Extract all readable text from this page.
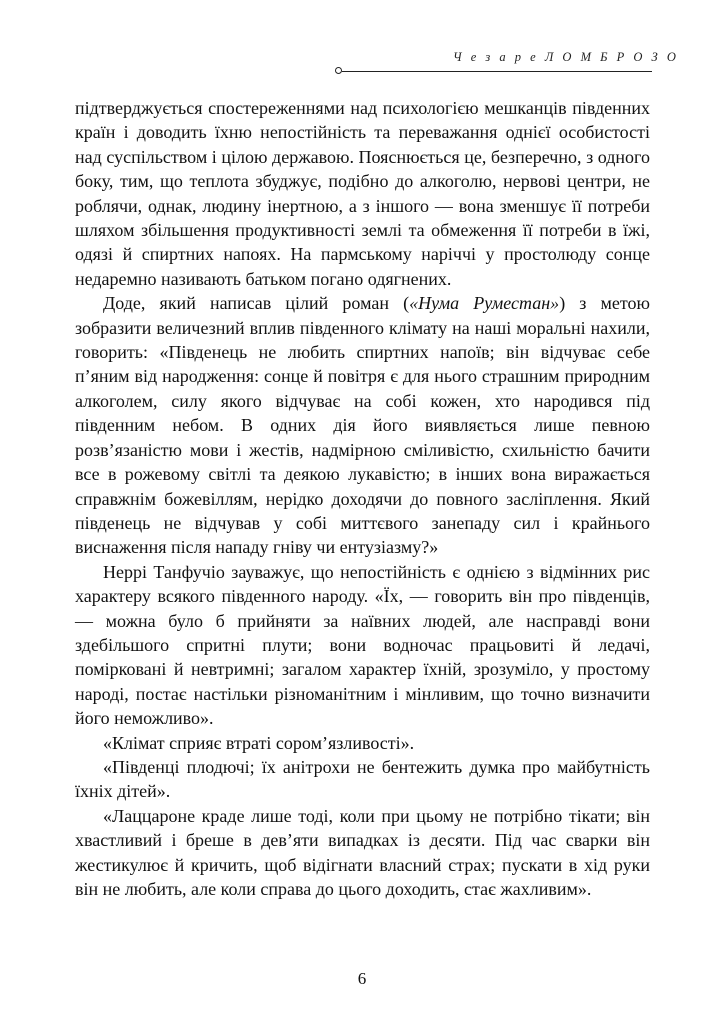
Ч е з а р е Л О М Б Р О З О

підтверджується спостереженнями над психологією мешканців південних країн і доводить їхню непостійність та переважання однієї особистості над суспільством і цілою державою. Пояснюється це, безперечно, з одного боку, тим, що теплота збуджує, подібно до алкоголю, нервові центри, не роблячи, однак, людину інертною, а з іншого — вона зменшує її потреби шляхом збільшення продуктивності землі та обмеження її потреби в їжі, одязі й спиртних напоях. На пармському наріччі у простолюду сонце недаремно називають батьком погано одягнених.

Доде, який написав цілий роман («Нума Руместан») з метою зобразити величезний вплив південного клімату на наші моральні нахили, говорить: «Південець не любить спиртних напоїв; він відчуває себе п’яним від народження: сонце й повітря є для нього страшним природним алкоголем, силу якого відчуває на собі кожен, хто народився під південним небом. В одних дія його виявляється лише певною розв’язаністю мови і жестів, надмірною сміливістю, схильністю бачити все в рожевому світлі та деякою лукавістю; в інших вона виражається справжнім божевіллям, нерідко доходячи до повного засліплення. Який південець не відчував у собі миттєвого занепаду сил і крайнього виснаження після нападу гніву чи ентузіазму?»

Неррі Танфучіо зауважує, що непостійність є однією з відмінних рис характеру всякого південного народу. «Їх, — говорить він про південців, — можна було б прийняти за наївних людей, але насправді вони здебільшого спритні плути; вони водночас працьовиті й ледачі, поміркованi й невтримні; загалом характер їхній, зрозуміло, у простому народі, постає настільки різноманітним і мінливим, що точно визначити його неможливо».

«Клімат сприяє втраті сором’язливості».

«Південці плодючі; їх анітрохи не бентежить думка про майбутність їхніх дітей».

«Лаццароне краде лише тоді, коли при цьому не потрібно тікати; він хвастливий і бреше в дев’яти випадках із десяти. Під час сварки він жестикулює й кричить, щоб відігнати власний страх; пускати в хід руки він не любить, але коли справа до цього доходить, стає жахливим».

6
